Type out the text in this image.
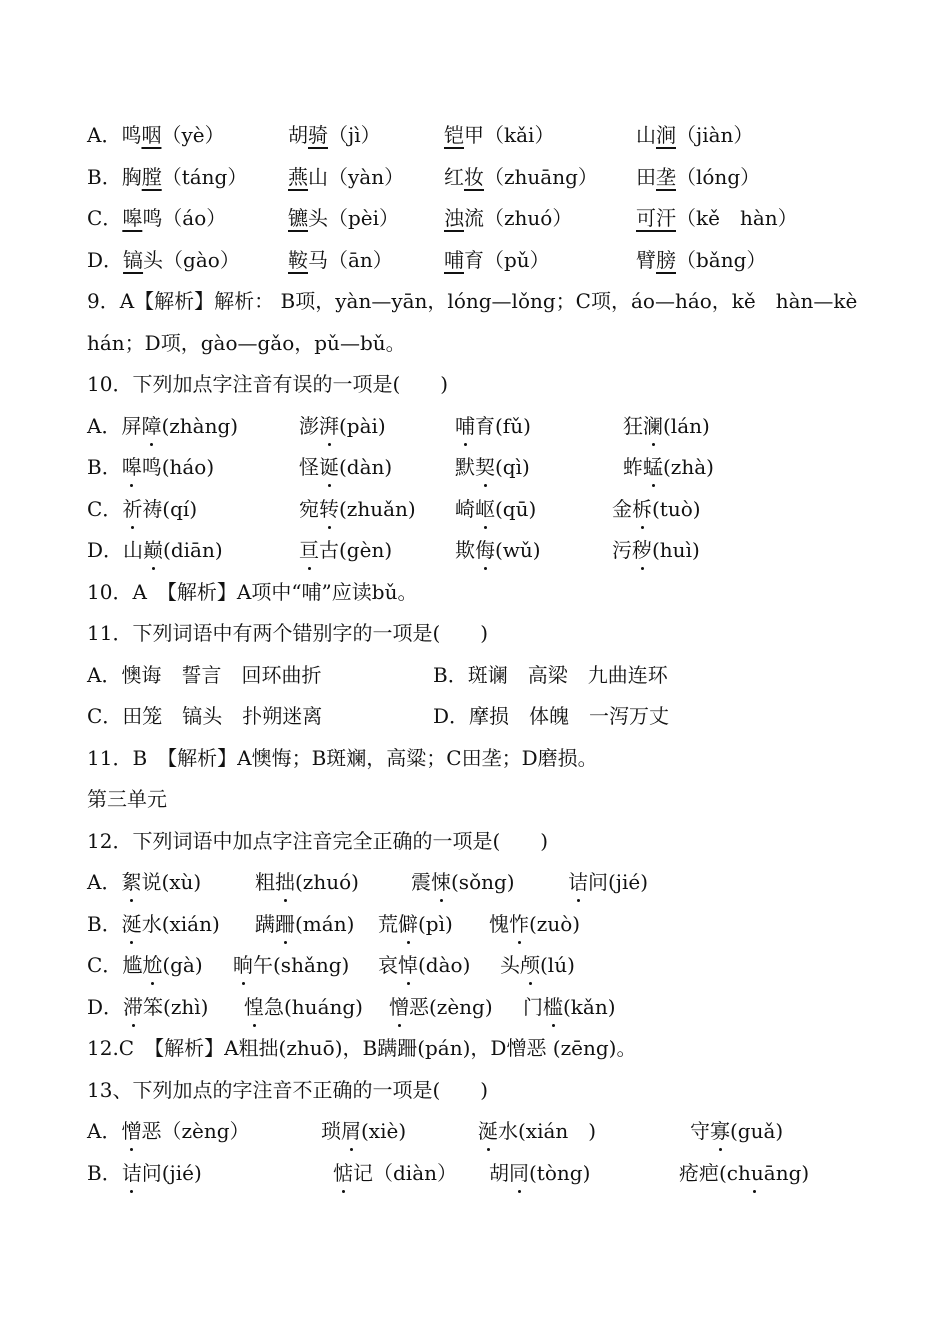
A．鸣咽（yè）	胡骑（jì）	铠甲（kǎi）	山涧（jiàn）
B．胸膛（táng） 燕山（yàn） 红妆（zhuāng） 田垄（lóng）
C．嗥鸣（áo）	镳头（pèi） 浊流（zhuó）	可汗（kě　hàn）
D．镐头（gào） 鞍马（ān）	哺育（pǔ）	臂膀（bǎng）
9．A【解析】解析： B项，yàn—yān，lóng—lǒng；C项，áo—háo，kě　hàn—kè
hán；D项，gào—gǎo，pǔ—bǔ。
10．下列加点字注音有误的一项是(　　)
A．屏障(zhàng)	澎湃(pài)	哺育(fǔ)	狂澜(lán)
B．嗥鸣(háo)	怪诞(dàn)	默契(qì)	蚱蜢(zhà)
C．祈祷(qí)	宛转(zhuǎn) 崎岖(qū)	金柝(tuò)
D．山巅(diān)	亘古(gèn)	欺侮(wǔ)	污秽(huì)
10．A　【解析】A项中“哺”应读bǔ。
11．下列词语中有两个错别字的一项是(　　)
A．懊诲　誓言　回环曲折	B．斑谰　高梁　九曲连环
C．田笼　镐头　扑朔迷离	D．摩损　体魄　一泻万丈
11．B　【解析】A懊悔；B斑斓，高粱；C田垄；D磨损。
第三单元
12．下列词语中加点字注音完全正确的一项是(　　)
A．絮说(xù)	粗拙(zhuó)	震悚(sǒng)	诘问(jié)
B．涎水(xián) 蹒跚(mán) 荒僻(pì) 愧怍(zuò)
C．尴尬(gà) 晌午(shǎng) 哀悼(dào) 头颅(lú)
D．滞笨(zhì) 惶急(huáng) 憎恶(zèng) 门槛(kǎn)
12.C　【解析】A粗拙(zhuō)，B蹒跚(pán)，D憎恶 (zēng)。
13、下列加点的字注音不正确的一项是(　　)
A．憎恶（zèng）	琐屑(xiè)	涎水(xián　)	守寡(guǎ)
B．诘问(jié)	惦记（diàn） 胡同(tòng)	疮疤(chuāng)
